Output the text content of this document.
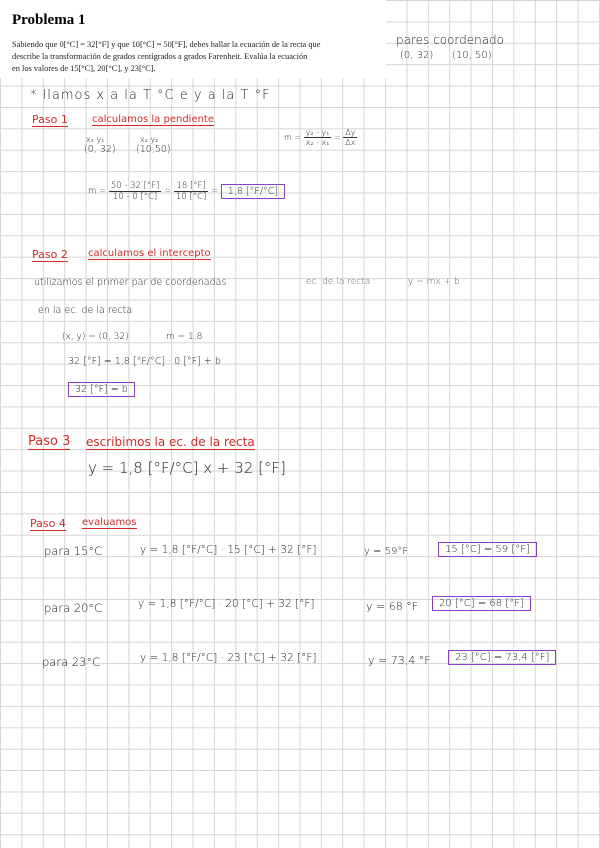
Problema 1
Sabiendo que 0[°C] = 32[°F] y que 10[°C] = 50[°F], debes hallar la ecuación de la recta que
describe la transformación de grados centígrados a grados Farenheit. Evalúa la ecuación
en los valores de 15[°C], 20[°C], y 23[°C].
pares coordenado
(0, 32) (10, 50)
* llamos x a la T °C e y a la T °F
Paso 1 calculamos la pendiente
x₁ y₁
(0, 32)
x₂ y₂
(10,50)
$m = \frac{\text{y₂ - y₁}}{\text{x₂ - x₁}} = \frac{\Delta y}{\Delta x}$
$m = \frac{50 - 32 [^\circ F]}{10 - 0 [^\circ C]} = \frac{18 [^\circ F]}{10 [^\circ C]} = 1,8$ [°F/°C]
Paso 2 calculamos el intercepto
utilizamos el primer par de coordenadas
en la ec. de la recta
ec. de la recta :	y = mx + b
(x, y) = (0, 32)	m = 1,8
32 [°F] = 1,8 [°F/°C] · 0 [°F] + b
32 [°F] = b
Paso 3 escribimos la ec. de la recta
y = 1,8 [°F/°C] x + 32 [°F]
Paso 4 evaluamos
para 15°C	y = 1,8 [°F/°C] · 15 [°C] + 32 [°F]	y = 59°F	15 [°C] = 59 [°F]
para 20°C	y = 1,8 [°F/°C] · 20 [°C] + 32 [°F]	y = 68 °F	20 [°C] = 68 [°F]
para 23°C	y = 1,8 [°F/°C] · 23 [°C] + 32 [°F]	y = 73,4 °F	23 [°C] = 73,4 [°F]
